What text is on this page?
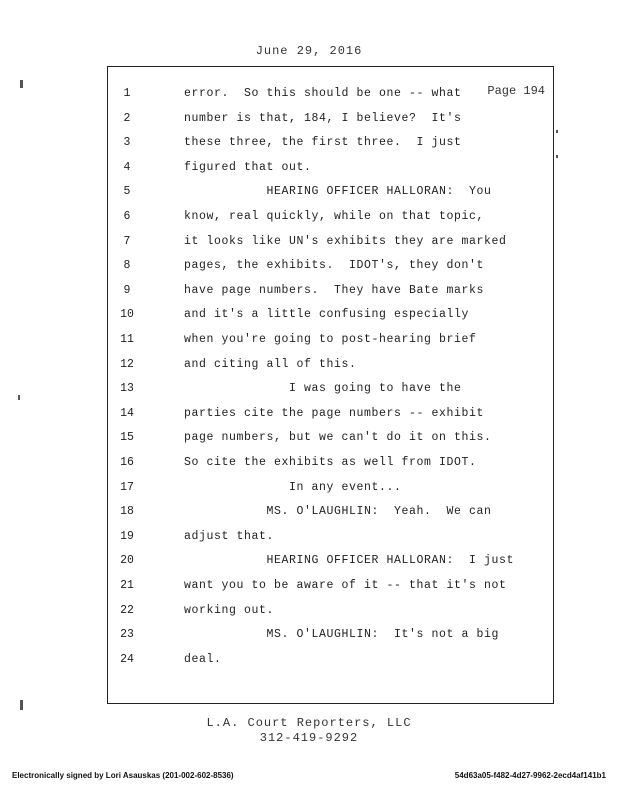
June 29, 2016
Page 194
1	error.  So this should be one -- what
2	number is that, 184, I believe?  It's
3	these three, the first three.  I just
4	figured that out.
5	HEARING OFFICER HALLORAN:  You
6	know, real quickly, while on that topic,
7	it looks like UN's exhibits they are marked
8	pages, the exhibits.  IDOT's, they don't
9	have page numbers.  They have Bate marks
10	and it's a little confusing especially
11	when you're going to post-hearing brief
12	and citing all of this.
13	I was going to have the
14	parties cite the page numbers -- exhibit
15	page numbers, but we can't do it on this.
16	So cite the exhibits as well from IDOT.
17	In any event...
18	MS. O'LAUGHLIN:  Yeah.  We can
19	adjust that.
20	HEARING OFFICER HALLORAN:  I just
21	want you to be aware of it -- that it's not
22	working out.
23	MS. O'LAUGHLIN:  It's not a big
24	deal.
L.A. Court Reporters, LLC
312-419-9292
Electronically signed by Lori Asauskas (201-002-602-8536)	54d63a05-f482-4d27-9962-2ecd4af141b1
